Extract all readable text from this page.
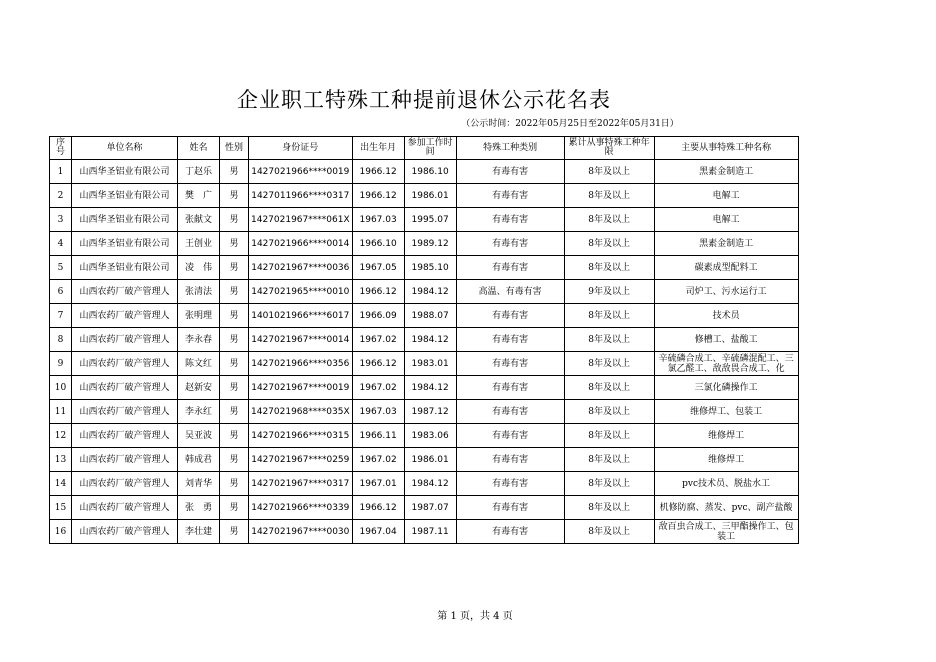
企业职工特殊工种提前退休公示花名表
（公示时间：2022年05月25日至2022年05月31日）
序号	单位名称	姓名	性别	身份证号	出生年月	参加工作时间	特殊工种类别	累计从事特殊工种年限	主要从事特殊工种名称
1	山西华圣铝业有限公司	丁赵乐	男	1427021966****0019	1966.12	1986.10	有毒有害	8年及以上	黑素金制造工
2	山西华圣铝业有限公司	樊　广	男	1427011966****0317	1966.12	1986.01	有毒有害	8年及以上	电解工
3	山西华圣铝业有限公司	张献文	男	1427021967****061X	1967.03	1995.07	有毒有害	8年及以上	电解工
4	山西华圣铝业有限公司	王创业	男	1427021966****0014	1966.10	1989.12	有毒有害	8年及以上	黑素金制造工
5	山西华圣铝业有限公司	凌　伟	男	1427021967****0036	1967.05	1985.10	有毒有害	8年及以上	碳素成型配料工
6	山西农药厂破产管理人	张清法	男	1427021965****0010	1966.12	1984.12	高温、有毒有害	9年及以上	司炉工、污水运行工
7	山西农药厂破产管理人	张明理	男	1401021966****6017	1966.09	1988.07	有毒有害	8年及以上	技术员
8	山西农药厂破产管理人	李永春	男	1427021967****0014	1967.02	1984.12	有毒有害	8年及以上	修槽工、盐酸工
9	山西农药厂破产管理人	陈文红	男	1427021966****0356	1966.12	1983.01	有毒有害	8年及以上	辛硫磷合成工、辛硫磷混配工、三氯乙醛工、敌敌畏合成工、化
10	山西农药厂破产管理人	赵新安	男	1427021967****0019	1967.02	1984.12	有毒有害	8年及以上	三氯化磷操作工
11	山西农药厂破产管理人	李永红	男	1427021968****035X	1967.03	1987.12	有毒有害	8年及以上	维修焊工、包装工
12	山西农药厂破产管理人	吴亚波	男	1427021966****0315	1966.11	1983.06	有毒有害	8年及以上	维修焊工
13	山西农药厂破产管理人	韩成君	男	1427021967****0259	1967.02	1986.01	有毒有害	8年及以上	维修焊工
14	山西农药厂破产管理人	刘青华	男	1427021967****0317	1967.01	1984.12	有毒有害	8年及以上	pvc技术员、脱盐水工
15	山西农药厂破产管理人	张　勇	男	1427021966****0339	1966.12	1987.07	有毒有害	8年及以上	机修防腐、蒸发、pvc、副产盐酸
16	山西农药厂破产管理人	李壮建	男	1427021967****0030	1967.04	1987.11	有毒有害	8年及以上	敌百虫合成工、三甲酯操作工、包装工
第 1 页，共 4 页
